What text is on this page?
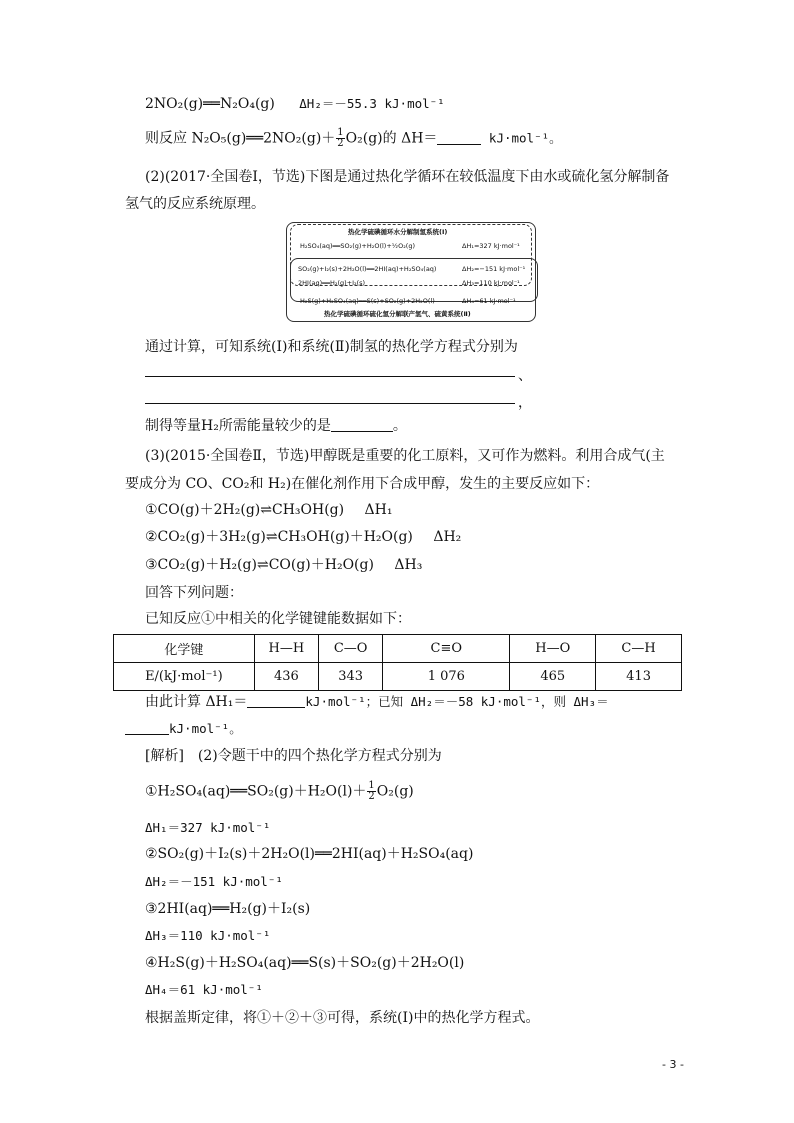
2NO₂(g)══N₂O₄(g) ΔH₂＝－55.3 kJ·mol⁻¹
则反应 N₂O₅(g)══2NO₂(g)＋ $\frac{1}{2} O_2(g)$的 ΔH＝	kJ·mol⁻¹。
(2)(2017·全国卷Ⅰ，节选)下图是通过热化学循环在较低温度下由水或硫化氢分解制备
氢气的反应系统原理。
热化学硫碘循环水分解制氢系统(Ⅰ)
H₂SO₄(aq)══SO₂(g)+H₂O(l)+½O₂(g)	ΔH₁=327 kJ·mol⁻¹
SO₂(g)+I₂(s)+2H₂O(l)══2HI(aq)+H₂SO₄(aq)	ΔH₂=−151 kJ·mol⁻¹
2HI(aq)══H₂(g)+I₂(s)	ΔH₃=110 kJ·mol⁻¹
H₂S(g)+H₂SO₄(aq)══S(s)+SO₂(g)+2H₂O(l)	ΔH₄=61 kJ·mol⁻¹
热化学硫碘循环硫化氢分解联产氢气、硫黄系统(Ⅱ)
通过计算，可知系统(Ⅰ)和系统(Ⅱ)制氢的热化学方程式分别为
、
，
制得等量H₂所需能量较少的是	。
(3)(2015·全国卷Ⅱ，节选)甲醇既是重要的化工原料，又可作为燃料。利用合成气(主
要成分为 CO、CO₂和 H₂)在催化剂作用下合成甲醇，发生的主要反应如下：
①CO(g)＋2H₂(g)⇌CH₃OH(g) ΔH₁
②CO₂(g)＋3H₂(g)⇌CH₃OH(g)＋H₂O(g) ΔH₂
③CO₂(g)＋H₂(g)⇌CO(g)＋H₂O(g) ΔH₃
回答下列问题：
已知反应①中相关的化学键键能数据如下：
化学键	H—H	C—O	C≡O	H—O	C—H
E/(kJ·mol⁻¹)	436	343	1 076	465	413
由此计算 ΔH₁＝	kJ·mol⁻¹；已知 ΔH₂＝－58 kJ·mol⁻¹，则 ΔH₃＝
kJ·mol⁻¹。
[解析]　(2)令题干中的四个热化学方程式分别为
①H₂SO₄(aq)══SO₂(g)＋H₂O(l)＋ $\frac{1}{2} O_2(g)$
ΔH₁＝327 kJ·mol⁻¹
②SO₂(g)＋I₂(s)＋2H₂O(l)══2HI(aq)＋H₂SO₄(aq)
ΔH₂＝－151 kJ·mol⁻¹
③2HI(aq)══H₂(g)＋I₂(s)
ΔH₃＝110 kJ·mol⁻¹
④H₂S(g)＋H₂SO₄(aq)══S(s)＋SO₂(g)＋2H₂O(l)
ΔH₄＝61 kJ·mol⁻¹
根据盖斯定律，将①＋②＋③可得，系统(Ⅰ)中的热化学方程式。
- 3 -
